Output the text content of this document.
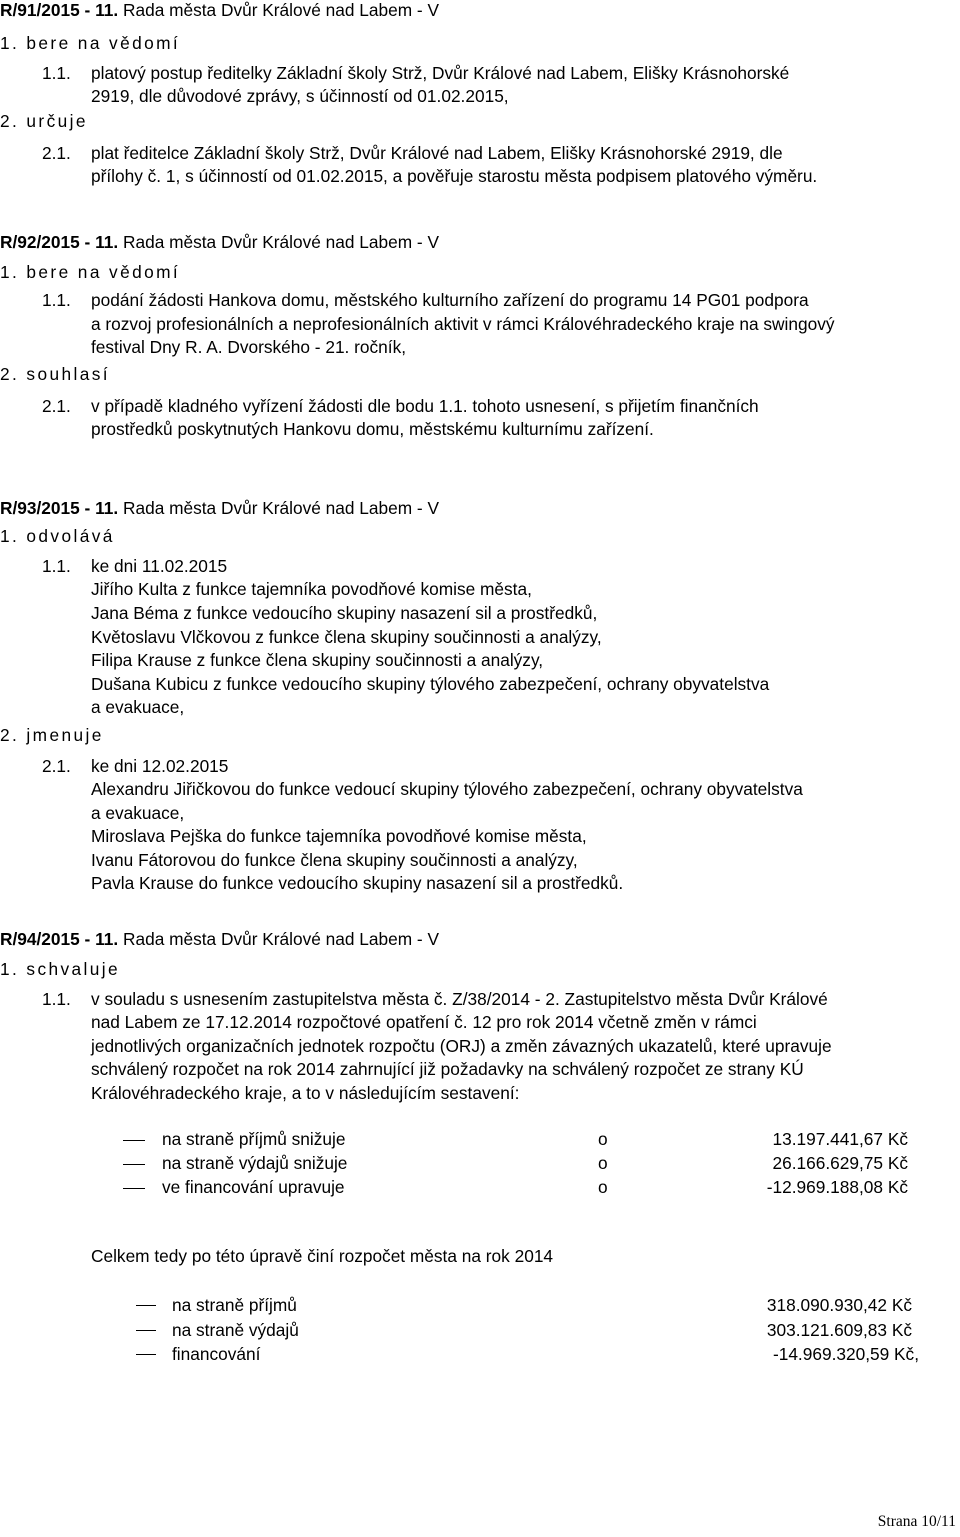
R/91/2015 - 11. Rada města Dvůr Králové nad Labem - V
1. bere na vědomí
1.1. platový postup ředitelky Základní školy Strž, Dvůr Králové nad Labem, Elišky Krásnohorské
2919, dle důvodové zprávy, s účinností od 01.02.2015,
2. určuje
2.1. plat ředitelce Základní školy Strž, Dvůr Králové nad Labem, Elišky Krásnohorské 2919, dle
přílohy č. 1, s účinností od 01.02.2015, a pověřuje starostu města podpisem platového výměru.
R/92/2015 - 11. Rada města Dvůr Králové nad Labem - V
1. bere na vědomí
1.1. podání žádosti Hankova domu, městského kulturního zařízení do programu 14 PG01 podpora
a rozvoj profesionálních a neprofesionálních aktivit v rámci Královéhradeckého kraje na swingový
festival Dny R. A. Dvorského - 21. ročník,
2. souhlasí
2.1. v případě kladného vyřízení žádosti dle bodu 1.1. tohoto usnesení, s přijetím finančních
prostředků poskytnutých Hankovu domu, městskému kulturnímu zařízení.
R/93/2015 - 11. Rada města Dvůr Králové nad Labem - V
1. odvolává
1.1. ke dni 11.02.2015
Jiřího Kulta z funkce tajemníka povodňové komise města,
Jana Béma z funkce vedoucího skupiny nasazení sil a prostředků,
Květoslavu Vlčkovou z funkce člena skupiny součinnosti a analýzy,
Filipa Krause z funkce člena skupiny součinnosti a analýzy,
Dušana Kubicu z funkce vedoucího skupiny týlového zabezpečení, ochrany obyvatelstva
a evakuace,
2. jmenuje
2.1. ke dni 12.02.2015
Alexandru Jiřičkovou do funkce vedoucí skupiny týlového zabezpečení, ochrany obyvatelstva
a evakuace,
Miroslava Pejška do funkce tajemníka povodňové komise města,
Ivanu Fátorovou do funkce člena skupiny součinnosti a analýzy,
Pavla Krause do funkce vedoucího skupiny nasazení sil a prostředků.
R/94/2015 - 11. Rada města Dvůr Králové nad Labem - V
1. schvaluje
1.1. v souladu s usnesením zastupitelstva města č. Z/38/2014 - 2. Zastupitelstvo města Dvůr Králové
nad Labem ze 17.12.2014 rozpočtové opatření č. 12 pro rok 2014 včetně změn v rámci
jednotlivých organizačních jednotek rozpočtu (ORJ) a změn závazných ukazatelů, které upravuje
schválený rozpočet na rok 2014 zahrnující již požadavky na schválený rozpočet ze strany KÚ
Královéhradeckého kraje, a to v následujícím sestavení:
na straně příjmů snižuje	o	13.197.441,67 Kč
na straně výdajů snižuje	o	26.166.629,75 Kč
ve financování upravuje	o	-12.969.188,08 Kč
Celkem tedy po této úpravě činí rozpočet města na rok 2014
na straně příjmů	318.090.930,42 Kč
na straně výdajů	303.121.609,83 Kč
financování	-14.969.320,59 Kč,
Strana 10/11
